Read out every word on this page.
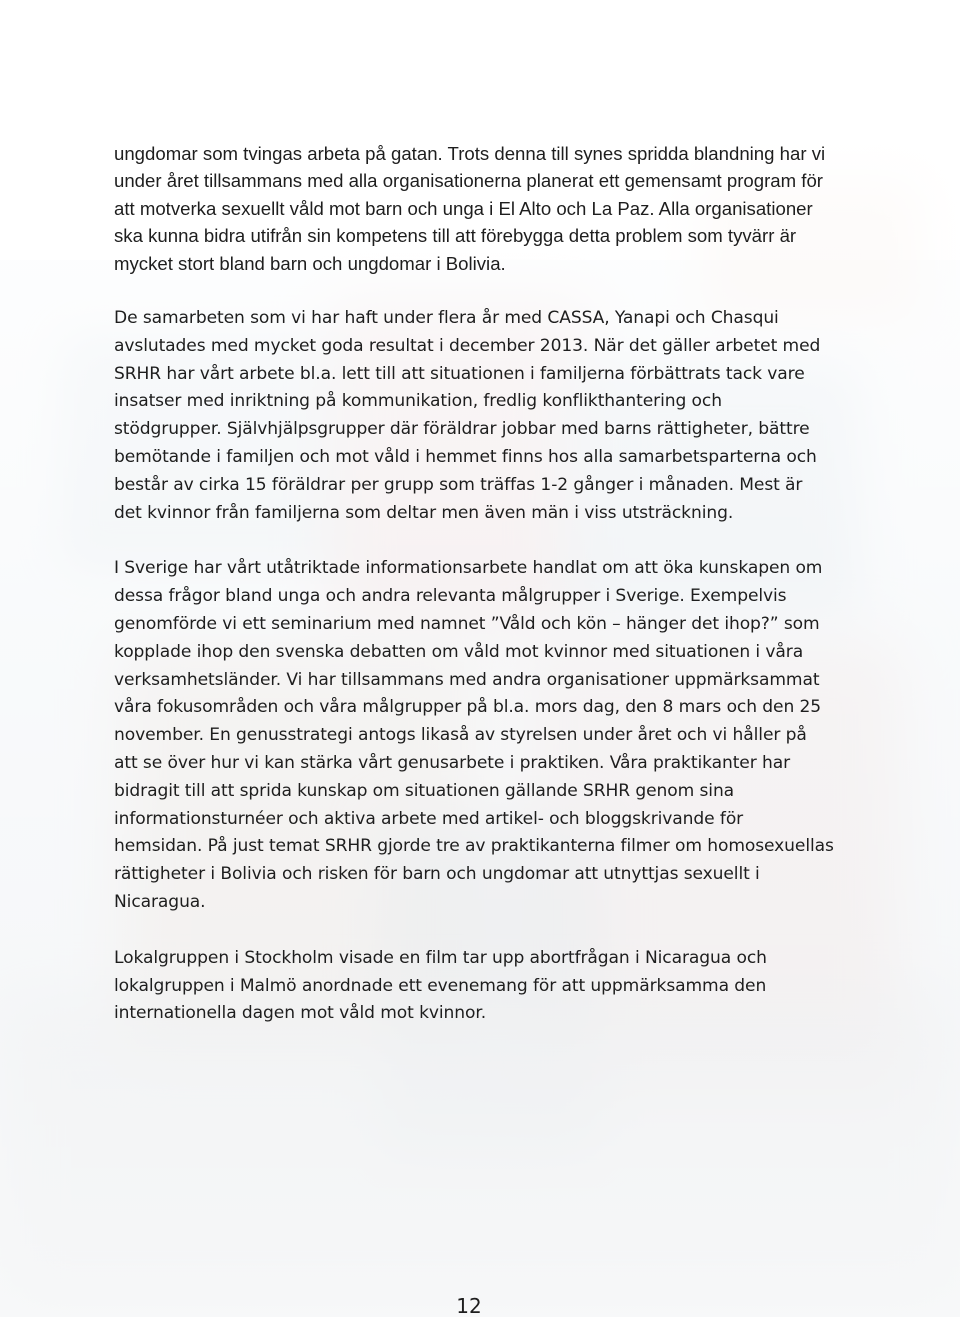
ungdomar som tvingas arbeta på gatan. Trots denna till synes spridda blandning har vi under året tillsammans med alla organisationerna planerat ett gemensamt program för att motverka sexuellt våld mot barn och unga i El Alto och La Paz. Alla organisationer ska kunna bidra utifrån sin kompetens till att förebygga detta problem som tyvärr är mycket stort bland barn och ungdomar i Bolivia.

De samarbeten som vi har haft under flera år med CASSA, Yanapi och Chasqui avslutades med mycket goda resultat i december 2013. När det gäller arbetet med SRHR har vårt arbete bl.a. lett till att situationen i familjerna förbättrats tack vare insatser med inriktning på kommunikation, fredlig konflikthantering och stödgrupper. Självhjälpsgrupper där föräldrar jobbar med barns rättigheter, bättre bemötande i familjen och mot våld i hemmet finns hos alla samarbetsparterna och består av cirka 15 föräldrar per grupp som träffas 1-2 gånger i månaden. Mest är det kvinnor från familjerna som deltar men även män i viss utsträckning.

I Sverige har vårt utåtriktade informationsarbete handlat om att öka kunskapen om dessa frågor bland unga och andra relevanta målgrupper i Sverige. Exempelvis genomförde vi ett seminarium med namnet ”Våld och kön – hänger det ihop?” som kopplade ihop den svenska debatten om våld mot kvinnor med situationen i våra verksamhetsländer. Vi har tillsammans med andra organisationer uppmärksammat våra fokusområden och våra målgrupper på bl.a. mors dag, den 8 mars och den 25 november. En genusstrategi antogs likaså av styrelsen under året och vi håller på att se över hur vi kan stärka vårt genusarbete i praktiken. Våra praktikanter har bidragit till att sprida kunskap om situationen gällande SRHR genom sina informationsturnéer och aktiva arbete med artikel- och bloggskrivande för hemsidan. På just temat SRHR gjorde tre av praktikanterna filmer om homosexuellas rättigheter i Bolivia och risken för barn och ungdomar att utnyttjas sexuellt i Nicaragua.

Lokalgruppen i Stockholm visade en film tar upp abortfrågan i Nicaragua och lokalgruppen i Malmö anordnade ett evenemang för att uppmärksamma den internationella dagen mot våld mot kvinnor.

12
